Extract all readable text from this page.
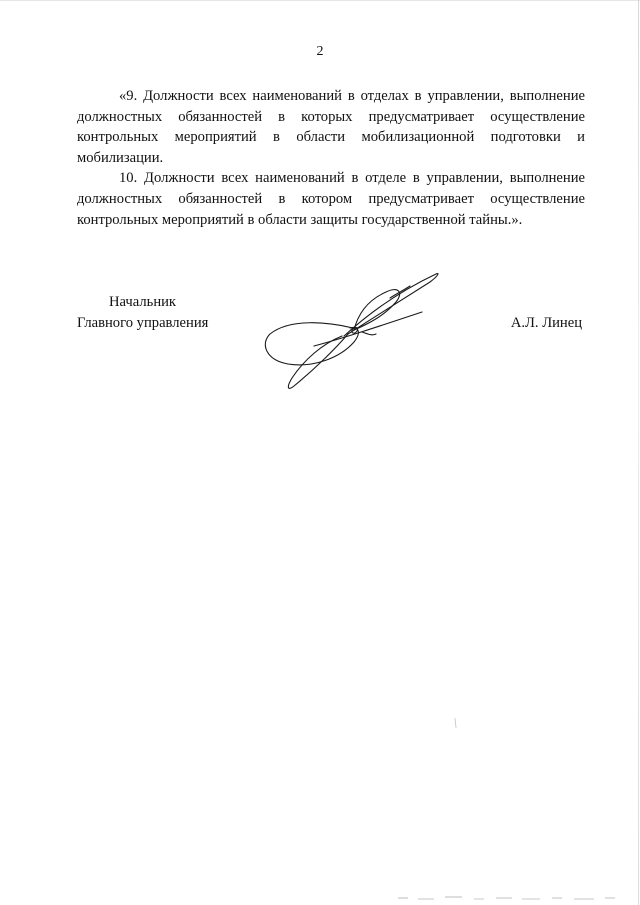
2

«9. Должности всех наименований в отделах в управлении, выполнение должностных обязанностей в которых предусматривает осуществление контрольных мероприятий в области мобилизационной подготовки и мобилизации.

10. Должности всех наименований в отделе в управлении, выполнение должностных обязанностей в котором предусматривает осуществление контрольных мероприятий в области защиты государственной тайны.».

Начальник
Главного управления	А.Л. Линец
